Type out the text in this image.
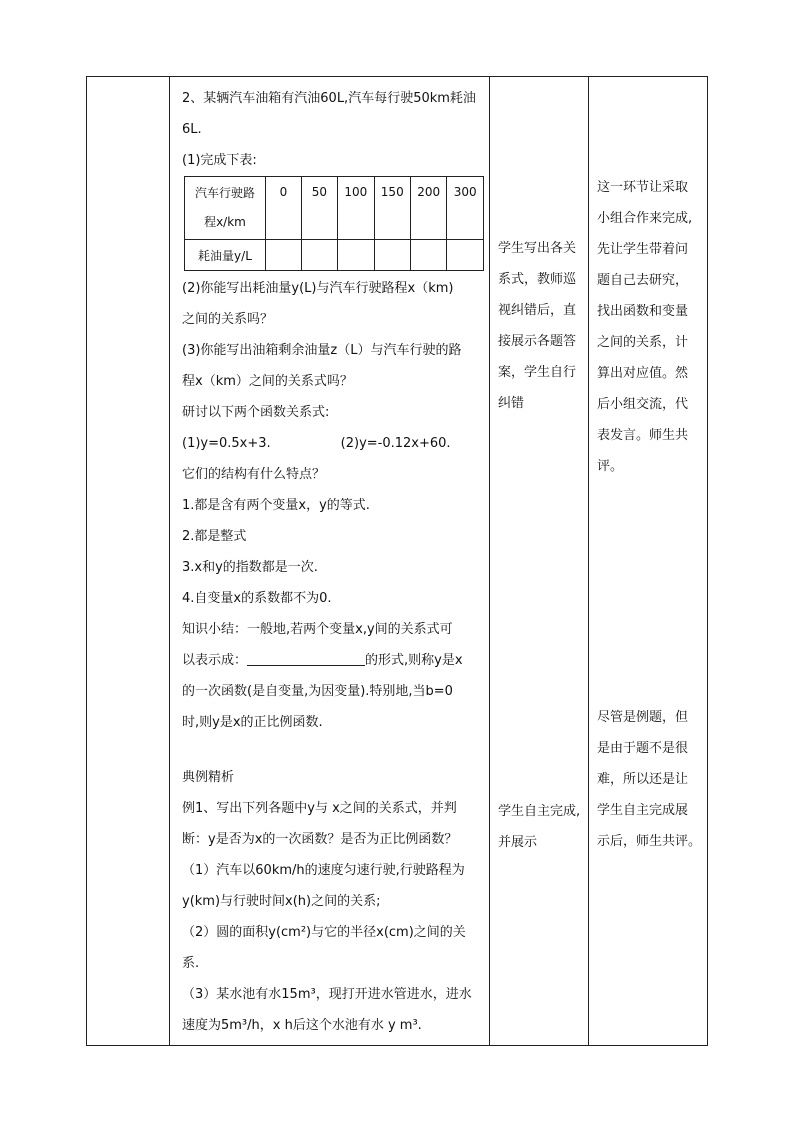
2、某辆汽车油箱有汽油60L,汽车每行驶50km耗油

6L.

(1)完成下表:

汽车行驶路
程x/km	0	50	100	150	200	300
耗油量y/L						

(2)你能写出耗油量y(L)与汽车行驶路程x（km)

之间的关系吗？

(3)你能写出油箱剩余油量z（L）与汽车行驶的路

程x（km）之间的关系式吗？

研讨以下两个函数关系式:

(1)y=0.5x+3.	(2)y=-0.12x+60.

它们的结构有什么特点？

1.都是含有两个变量x，y的等式.

2.都是整式

3.x和y的指数都是一次.

4.自变量x的系数都不为0.

知识小结：一般地,若两个变量x,y间的关系式可

以表示成：	的形式,则称y是x

的一次函数(是自变量,为因变量).特别地,当b=0

时,则y是x的正比例函数.

典例精析

例1、写出下列各题中y与 x之间的关系式，并判

断：y是否为x的一次函数？是否为正比例函数？

（1）汽车以60km/h的速度匀速行驶,行驶路程为

y(km)与行驶时间x(h)之间的关系;

（2）圆的面积y(cm²)与它的半径x(cm)之间的关

系.

（3）某水池有水15m³，现打开进水管进水，进水

速度为5m³/h，x h后这个水池有水 y m³.

学生写出各关
系式，教师巡
视纠错后，直
接展示各题答
案，学生自行
纠错
学生自主完成,
并展示
这一环节让采取
小组合作来完成,
先让学生带着问
题自己去研究，
找出函数和变量
之间的关系，计
算出对应值。然
后小组交流，代
表发言。师生共
评。
尽管是例题，但
是由于题不是很
难，所以还是让
学生自主完成展
示后，师生共评。
